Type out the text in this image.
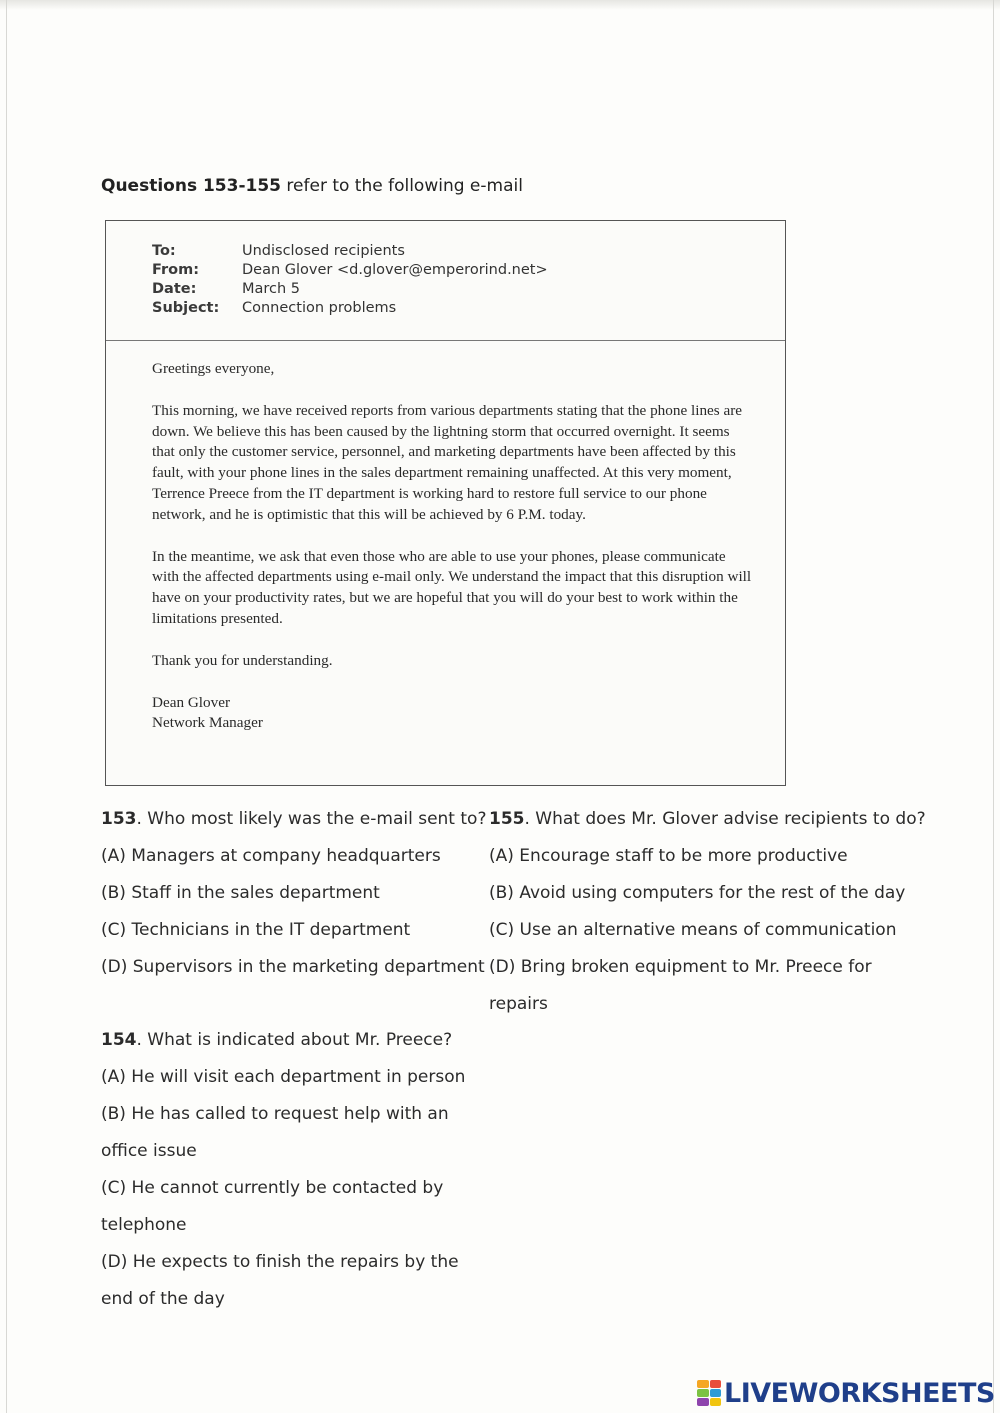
Questions 153-155 refer to the following e-mail
To:	Undisclosed recipients
From:	Dean Glover <d.glover@emperorind.net>
Date:	March 5
Subject: Connection problems

Greetings everyone,

This morning, we have received reports from various departments stating that the phone lines are down. We believe this has been caused by the lightning storm that occurred overnight. It seems that only the customer service, personnel, and marketing departments have been affected by this fault, with your phone lines in the sales department remaining unaffected. At this very moment, Terrence Preece from the IT department is working hard to restore full service to our phone network, and he is optimistic that this will be achieved by 6 P.M. today.

In the meantime, we ask that even those who are able to use your phones, please communicate with the affected departments using e-mail only. We understand the impact that this disruption will have on your productivity rates, but we are hopeful that you will do your best to work within the limitations presented.

Thank you for understanding.

Dean Glover
Network Manager
153. Who most likely was the e-mail sent to?
(A) Managers at company headquarters
(B) Staff in the sales department
(C) Technicians in the IT department
(D) Supervisors in the marketing department
154. What is indicated about Mr. Preece?
(A) He will visit each department in person
(B) He has called to request help with an
office issue
(C) He cannot currently be contacted by
telephone
(D) He expects to finish the repairs by the
end of the day
155. What does Mr. Glover advise recipients to do?
(A) Encourage staff to be more productive
(B) Avoid using computers for the rest of the day
(C) Use an alternative means of communication
(D) Bring broken equipment to Mr. Preece for
repairs
LIVEWORKSHEETS
